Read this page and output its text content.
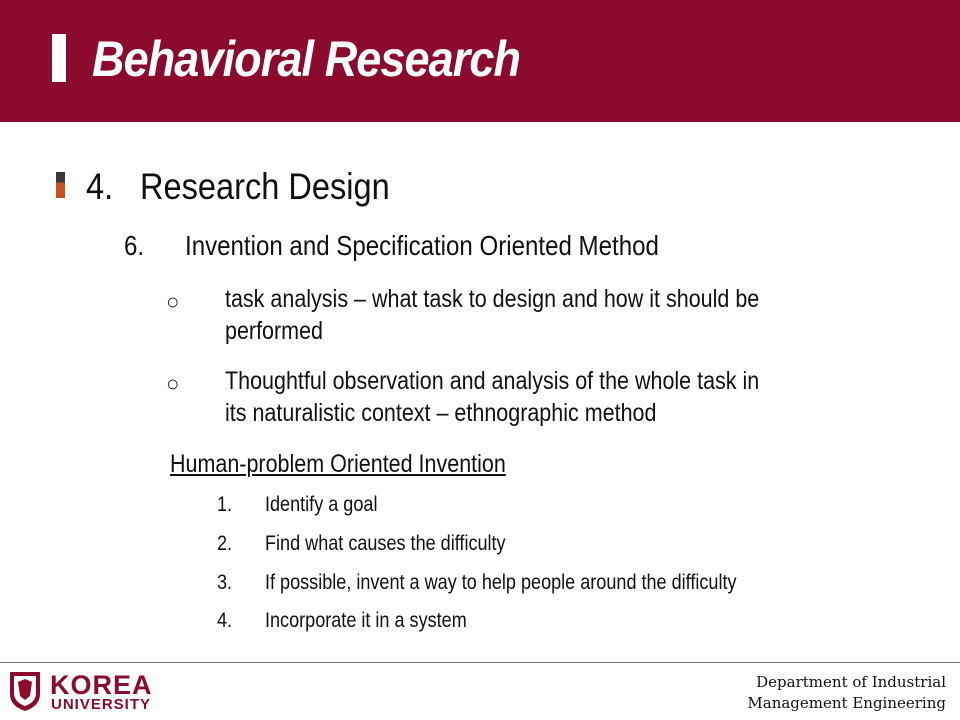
Behavioral Research
4. Research Design
6. Invention and Specification Oriented Method
○ task analysis – what task to design and how it should be
performed
○ Thoughtful observation and analysis of the whole task in
its naturalistic context – ethnographic method
Human-problem Oriented Invention
1. Identify a goal
2. Find what causes the difficulty
3. If possible, invent a way to help people around the difficulty
4. Incorporate it in a system
KOREA
UNIVERSITY
Department of Industrial
Management Engineering
